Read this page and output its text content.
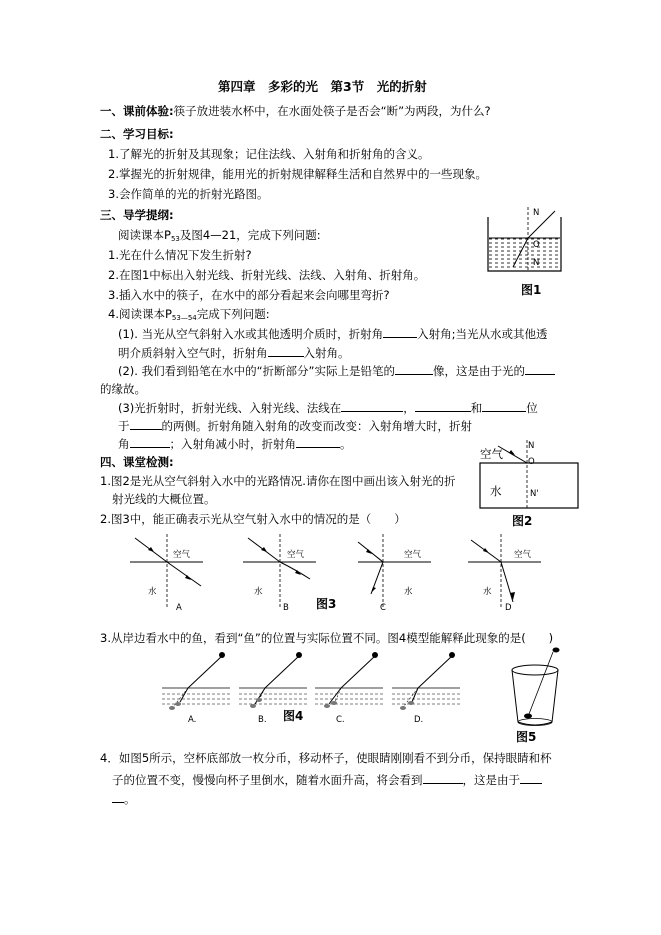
第四章　多彩的光　第3节　光的折射
一、课前体验:筷子放进装水杯中，在水面处筷子是否会“断”为两段，为什么?
二、学习目标:
1.了解光的折射及其现象；记住法线、入射角和折射角的含义。
2.掌握光的折射规律，能用光的折射规律解释生活和自然界中的一些现象。
3.会作简单的光的折射光路图。
三、导学提纲:
阅读课本$P_{53}$及图4—21，完成下列问题:
1.光在什么情况下发生折射?
2.在图1中标出入射光线、折射光线、法线、入射角、折射角。
3.插入水中的筷子，在水中的部分看起来会向哪里弯折?
4.阅读课本$P_{53—54}$完成下列问题:
(1). 当光从空气斜射入水或其他透明介质时，折射角	入射角;当光从水或其他透
明介质斜射入空气时，折射角	入射角。
(2). 我们看到铅笔在水中的“折断部分”实际上是铅笔的	像，这是由于光的
的缘故。
(3)光折射时，折射光线、入射光线、法线在	，	和	位
于	的两侧。折射角随入射角的改变而改变：入射角增大时，折射
角	；入射角减小时，折射角	。
四、课堂检测:
1.图2是光从空气斜射入水中的光路情况.请你在图中画出该入射光的折
射光线的大概位置。
2.图3中，能正确表示光从空气射入水中的情况的是（　　）
3.从岸边看水中的鱼，看到“鱼”的位置与实际位置不同。图4模型能解释此现象的是(　　)
4．如图5所示，空杯底部放一枚分币，移动杯子，使眼睛刚刚看不到分币，保持眼睛和杯
子的位置不变，慢慢向杯子里倒水，随着水面升高，将会看到	，这是由于
。
N
O
N
图1
N
空气
O
水	N'
图2
空气
水
A
空气
水
B
空气
水
C
空气
水
D
图3
A.	B.	C.	D.
图4
图5
